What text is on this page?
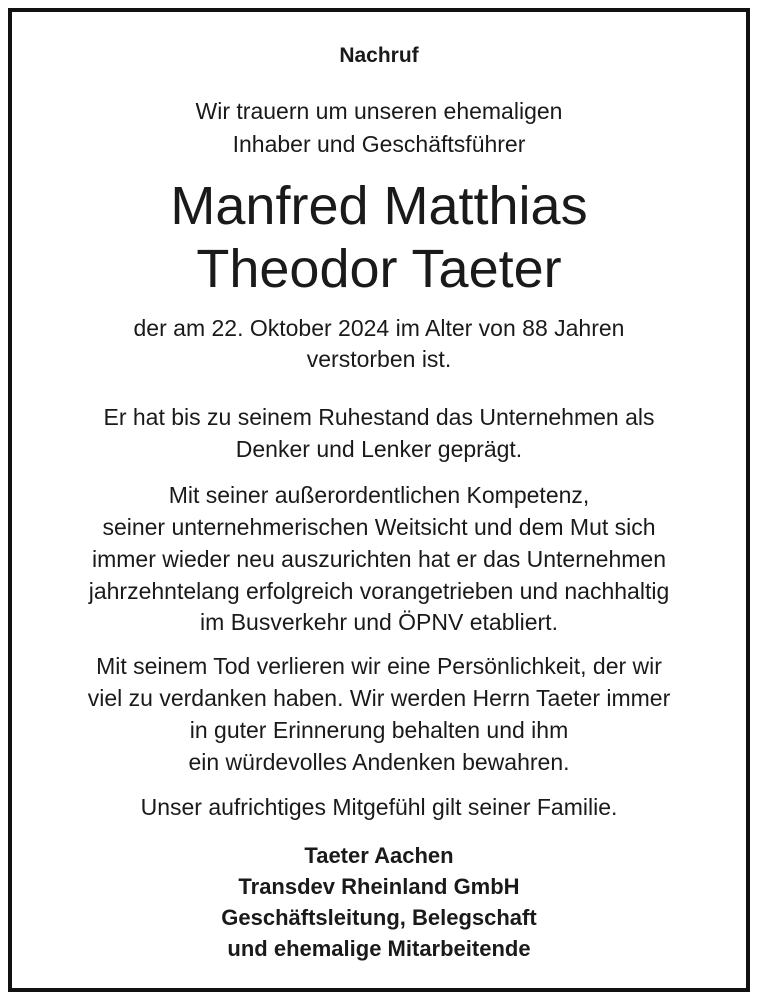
Nachruf
Wir trauern um unseren ehemaligen
Inhaber und Geschäftsführer
Manfred Matthias
Theodor Taeter
der am 22. Oktober 2024 im Alter von 88 Jahren
verstorben ist.
Er hat bis zu seinem Ruhestand das Unternehmen als
Denker und Lenker geprägt.
Mit seiner außerordentlichen Kompetenz,
seiner unternehmerischen Weitsicht und dem Mut sich
immer wieder neu auszurichten hat er das Unternehmen
jahrzehntelang erfolgreich vorangetrieben und nachhaltig
im Busverkehr und ÖPNV etabliert.
Mit seinem Tod verlieren wir eine Persönlichkeit, der wir
viel zu verdanken haben. Wir werden Herrn Taeter immer
in guter Erinnerung behalten und ihm
ein würdevolles Andenken bewahren.
Unser aufrichtiges Mitgefühl gilt seiner Familie.
Taeter Aachen
Transdev Rheinland GmbH
Geschäftsleitung, Belegschaft
und ehemalige Mitarbeitende
